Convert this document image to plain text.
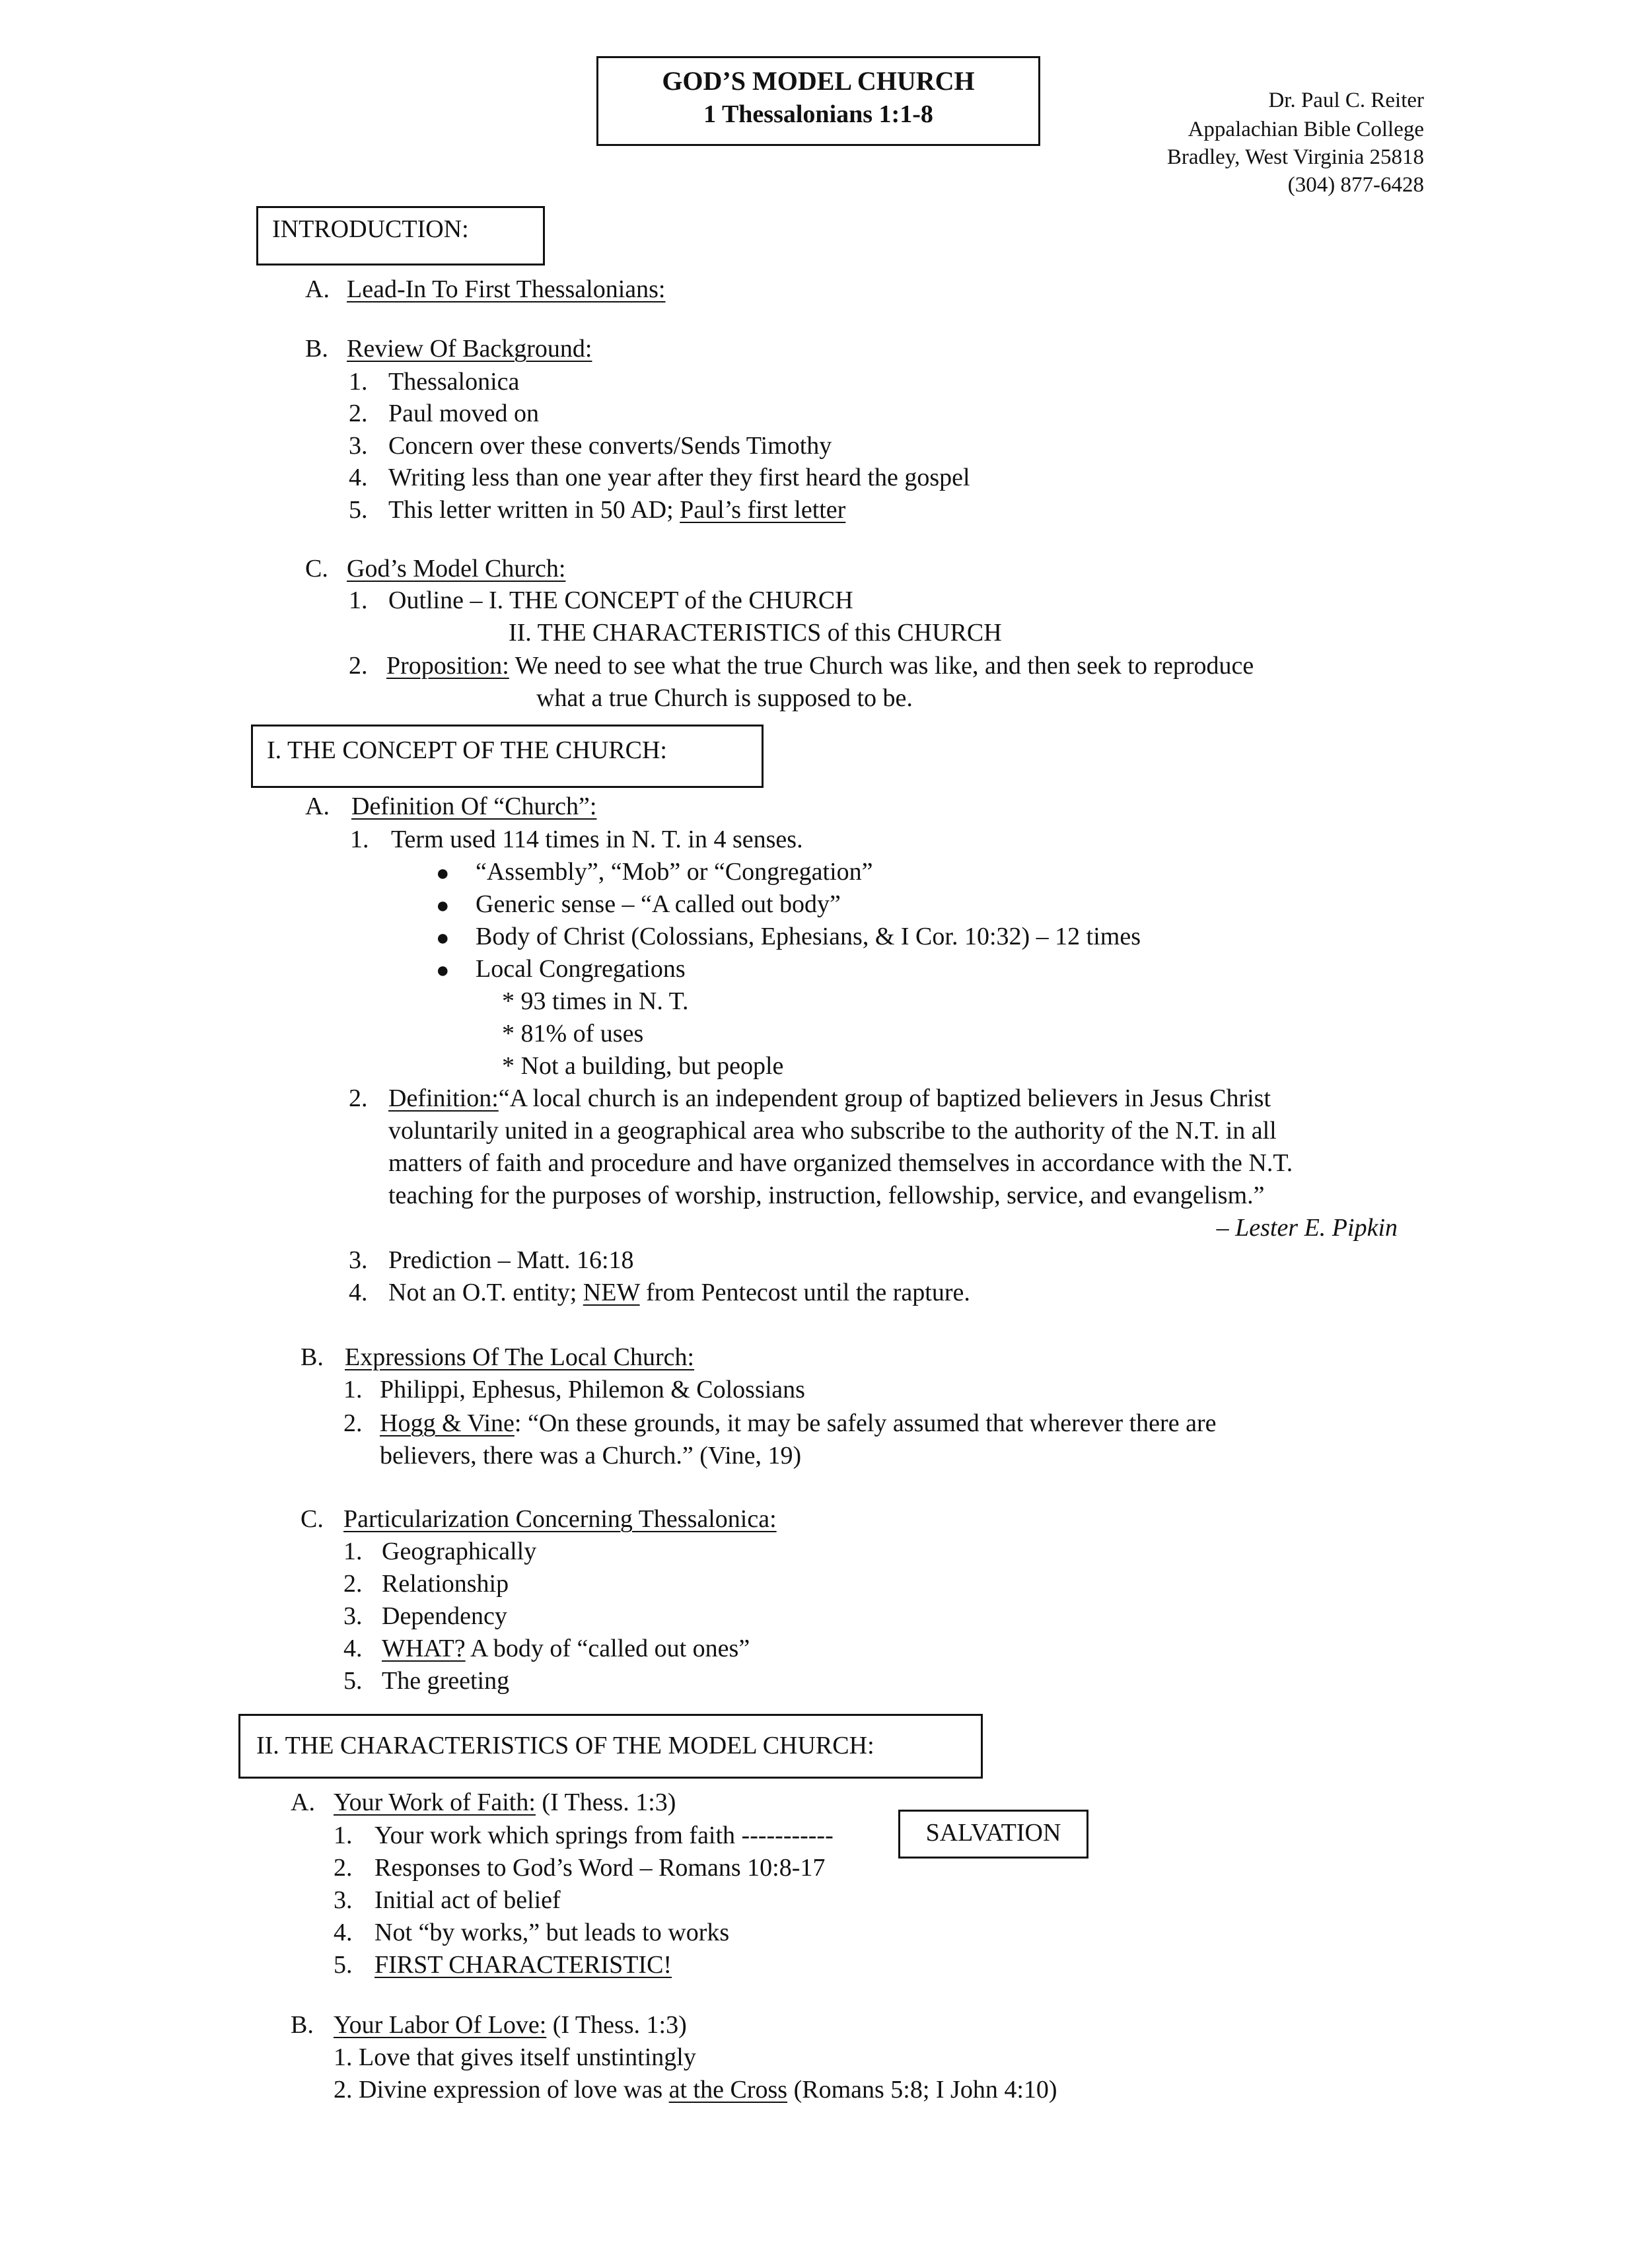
GOD’S MODEL CHURCH
1 Thessalonians 1:1-8	Dr. Paul C. Reiter
Appalachian Bible College
Bradley, West Virginia 25818
(304) 877-6428
INTRODUCTION:
A. Lead-In To First Thessalonians:
B. Review Of Background:
1. Thessalonica
2. Paul moved on
3. Concern over these converts/Sends Timothy
4. Writing less than one year after they first heard the gospel
5. This letter written in 50 AD; Paul’s first letter
C. God’s Model Church:
1. Outline – I. THE CONCEPT of the CHURCH
II. THE CHARACTERISTICS of this CHURCH
2. Proposition: We need to see what the true Church was like, and then seek to reproduce
what a true Church is supposed to be.
I. THE CONCEPT OF THE CHURCH:
A. Definition Of “Church”:
1. Term used 114 times in N. T. in 4 senses.
● “Assembly”, “Mob” or “Congregation”
● Generic sense – “A called out body”
● Body of Christ (Colossians, Ephesians, & I Cor. 10:32) – 12 times
● Local Congregations
* 93 times in N. T.
* 81% of uses
* Not a building, but people
2. Definition:“A local church is an independent group of baptized believers in Jesus Christ
voluntarily united in a geographical area who subscribe to the authority of the N.T. in all
matters of faith and procedure and have organized themselves in accordance with the N.T.
teaching for the purposes of worship, instruction, fellowship, service, and evangelism.”
– Lester E. Pipkin
3. Prediction – Matt. 16:18
4. Not an O.T. entity; NEW from Pentecost until the rapture.
B. Expressions Of The Local Church:
1. Philippi, Ephesus, Philemon & Colossians
2. Hogg & Vine: “On these grounds, it may be safely assumed that wherever there are
believers, there was a Church.” (Vine, 19)
C. Particularization Concerning Thessalonica:
1. Geographically
2. Relationship
3. Dependency
4. WHAT? A body of “called out ones”
5. The greeting
II. THE CHARACTERISTICS OF THE MODEL CHURCH:
A. Your Work of Faith: (I Thess. 1:3)
1. Your work which springs from faith -----------	SALVATION
2. Responses to God’s Word – Romans 10:8-17
3. Initial act of belief
4. Not “by works,” but leads to works
5. FIRST CHARACTERISTIC!
B. Your Labor Of Love: (I Thess. 1:3)
1. Love that gives itself unstintingly
2. Divine expression of love was at the Cross (Romans 5:8; I John 4:10)
